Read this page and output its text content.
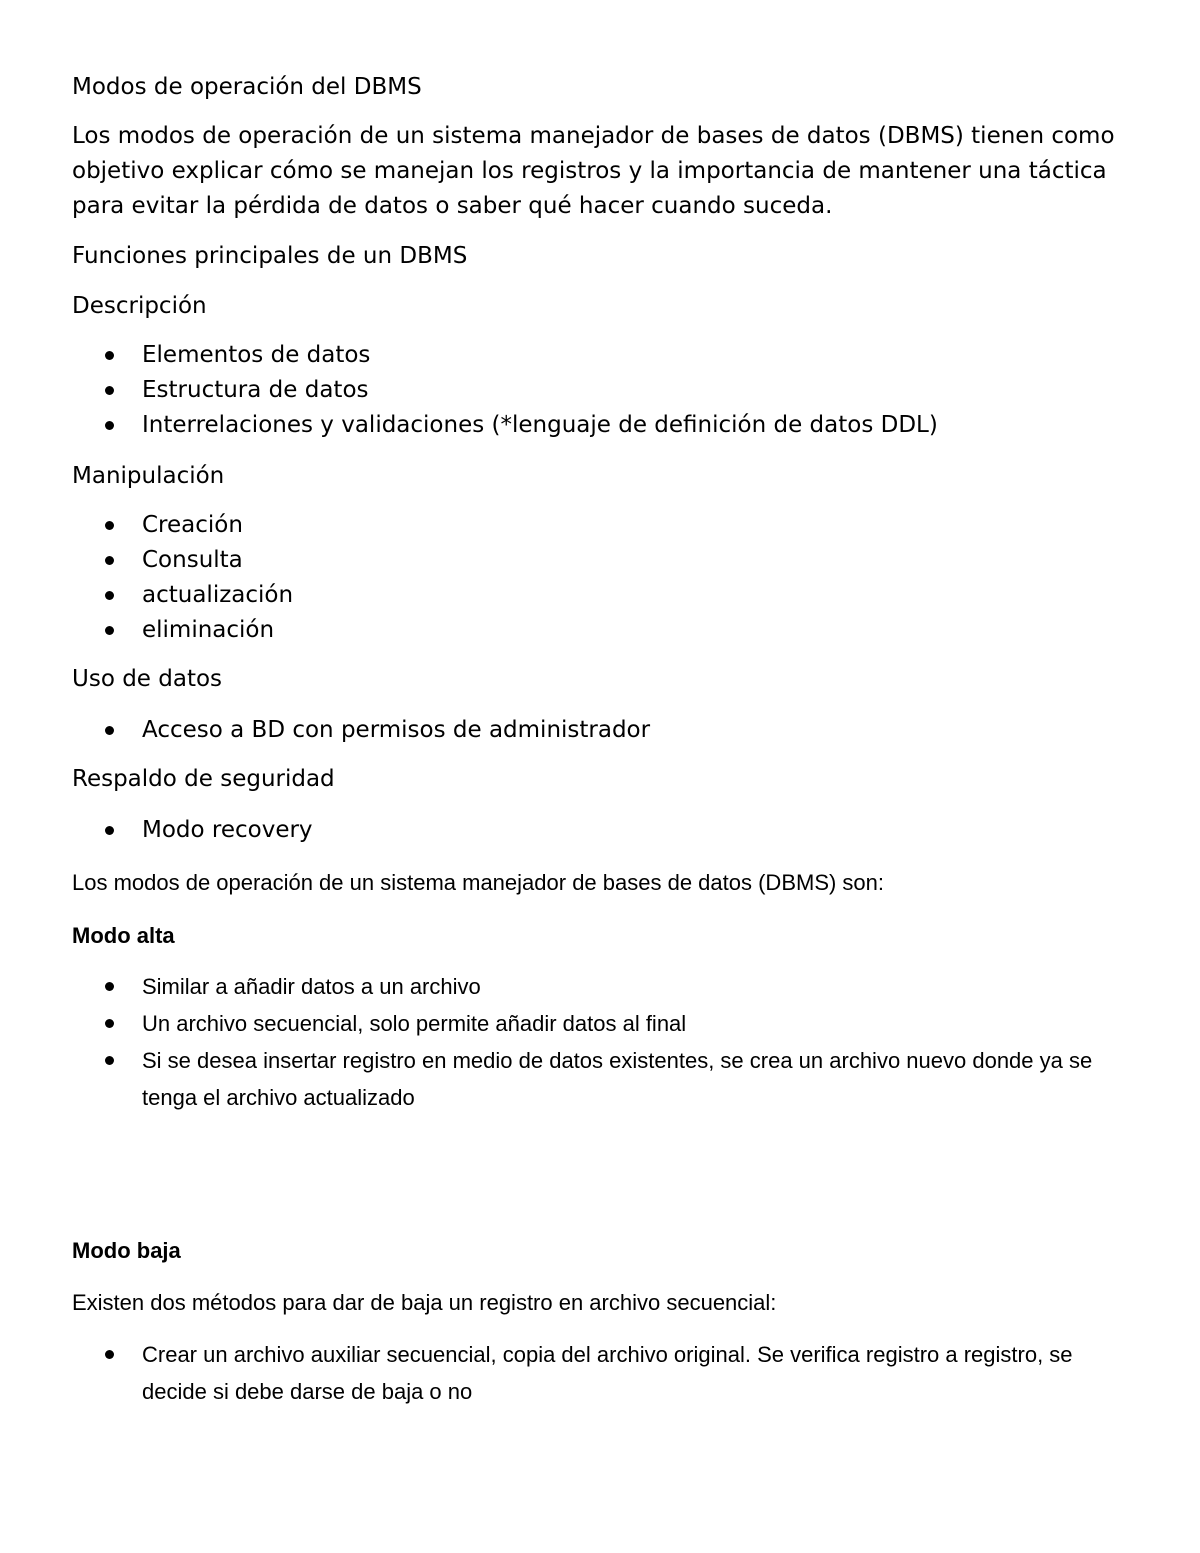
Modos de operación del DBMS

Los modos de operación de un sistema manejador de bases de datos (DBMS) tienen como objetivo explicar cómo se manejan los registros y la importancia de mantener una táctica para evitar la pérdida de datos o saber qué hacer cuando suceda.

Funciones principales de un DBMS

Descripción

Elementos de datos
Estructura de datos
Interrelaciones y validaciones (*lenguaje de definición de datos DDL)

Manipulación

Creación
Consulta
actualización
eliminación

Uso de datos

Acceso a BD con permisos de administrador

Respaldo de seguridad

Modo recovery

Los modos de operación de un sistema manejador de bases de datos (DBMS) son:

Modo alta

Similar a añadir datos a un archivo
Un archivo secuencial, solo permite añadir datos al final
Si se desea insertar registro en medio de datos existentes, se crea un archivo nuevo donde ya se tenga el archivo actualizado

Modo baja

Existen dos métodos para dar de baja un registro en archivo secuencial:

Crear un archivo auxiliar secuencial, copia del archivo original. Se verifica registro a registro, se decide si debe darse de baja o no
